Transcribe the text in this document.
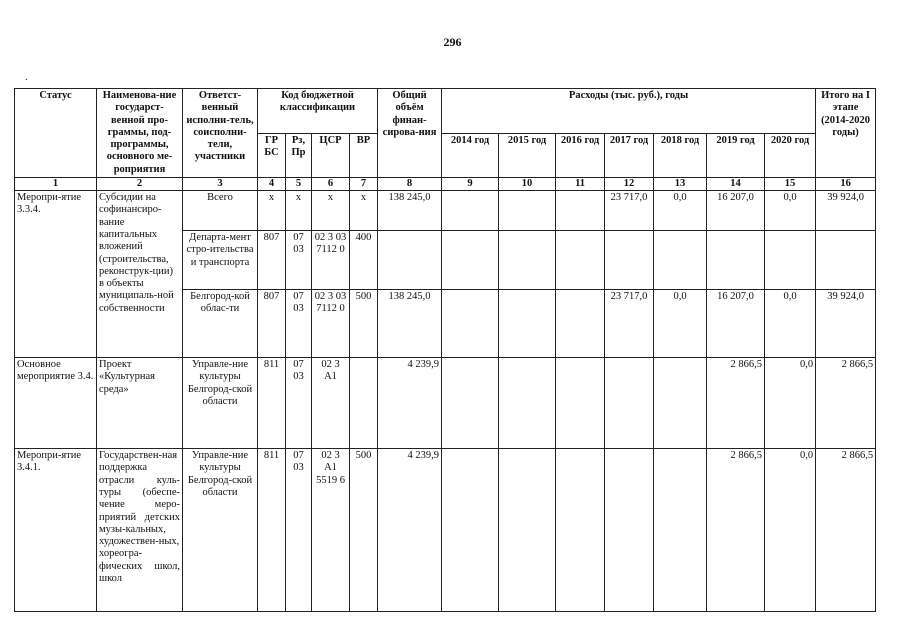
296
.
Статус	Наименова-ние государст-венной про-граммы, под-программы, основного ме-роприятия	Ответст-венный исполни-тель, соисполни-тели, участники	Код бюджетной классификации				Общий объём финан-сирова-ния	Расходы (тыс. руб.), годы							Итого на I этапе (2014-2020 годы)
			ГР БС	Рз, Пр	ЦСР	ВР		2014 год	2015 год	2016 год	2017 год	2018 год	2019 год	2020 год	
1	2	3	4	5	6	7	8	9	10	11	12	13	14	15	16
Меропри-ятие 3.3.4.	Субсидии на софинансиро-вание капитальных вложений (строительства, реконструк-ции) в объекты муниципаль-ной собственности	Всего	х	х	х	х	138 245,0				23 717,0	0,0	16 207,0	0,0	39 924,0
		Департа-мент стро-ительства и транспорта	807	07 03	02 3 03 7112 0	400									
		Белгород-кой облас-ти	807	07 03	02 3 03 7112 0	500	138 245,0				23 717,0	0,0	16 207,0	0,0	39 924,0
Основное мероприятие 3.4.	Проект «Культурная среда»	Управле-ние культуры Белгород-ской области	811	07 03	02 3 А1		4 239,9						2 866,5	0,0	2 866,5
Меропри-ятие 3.4.1.	Государствен-ная поддержка отрасли куль-туры (обеспе-чение меро-приятий детских музы-кальных, художествен-ных, хореогра-фических школ, школ	Управле-ние культуры Белгород-ской области	811	07 03	02 3 А1 5519 6	500	4 239,9						2 866,5	0,0	2 866,5
